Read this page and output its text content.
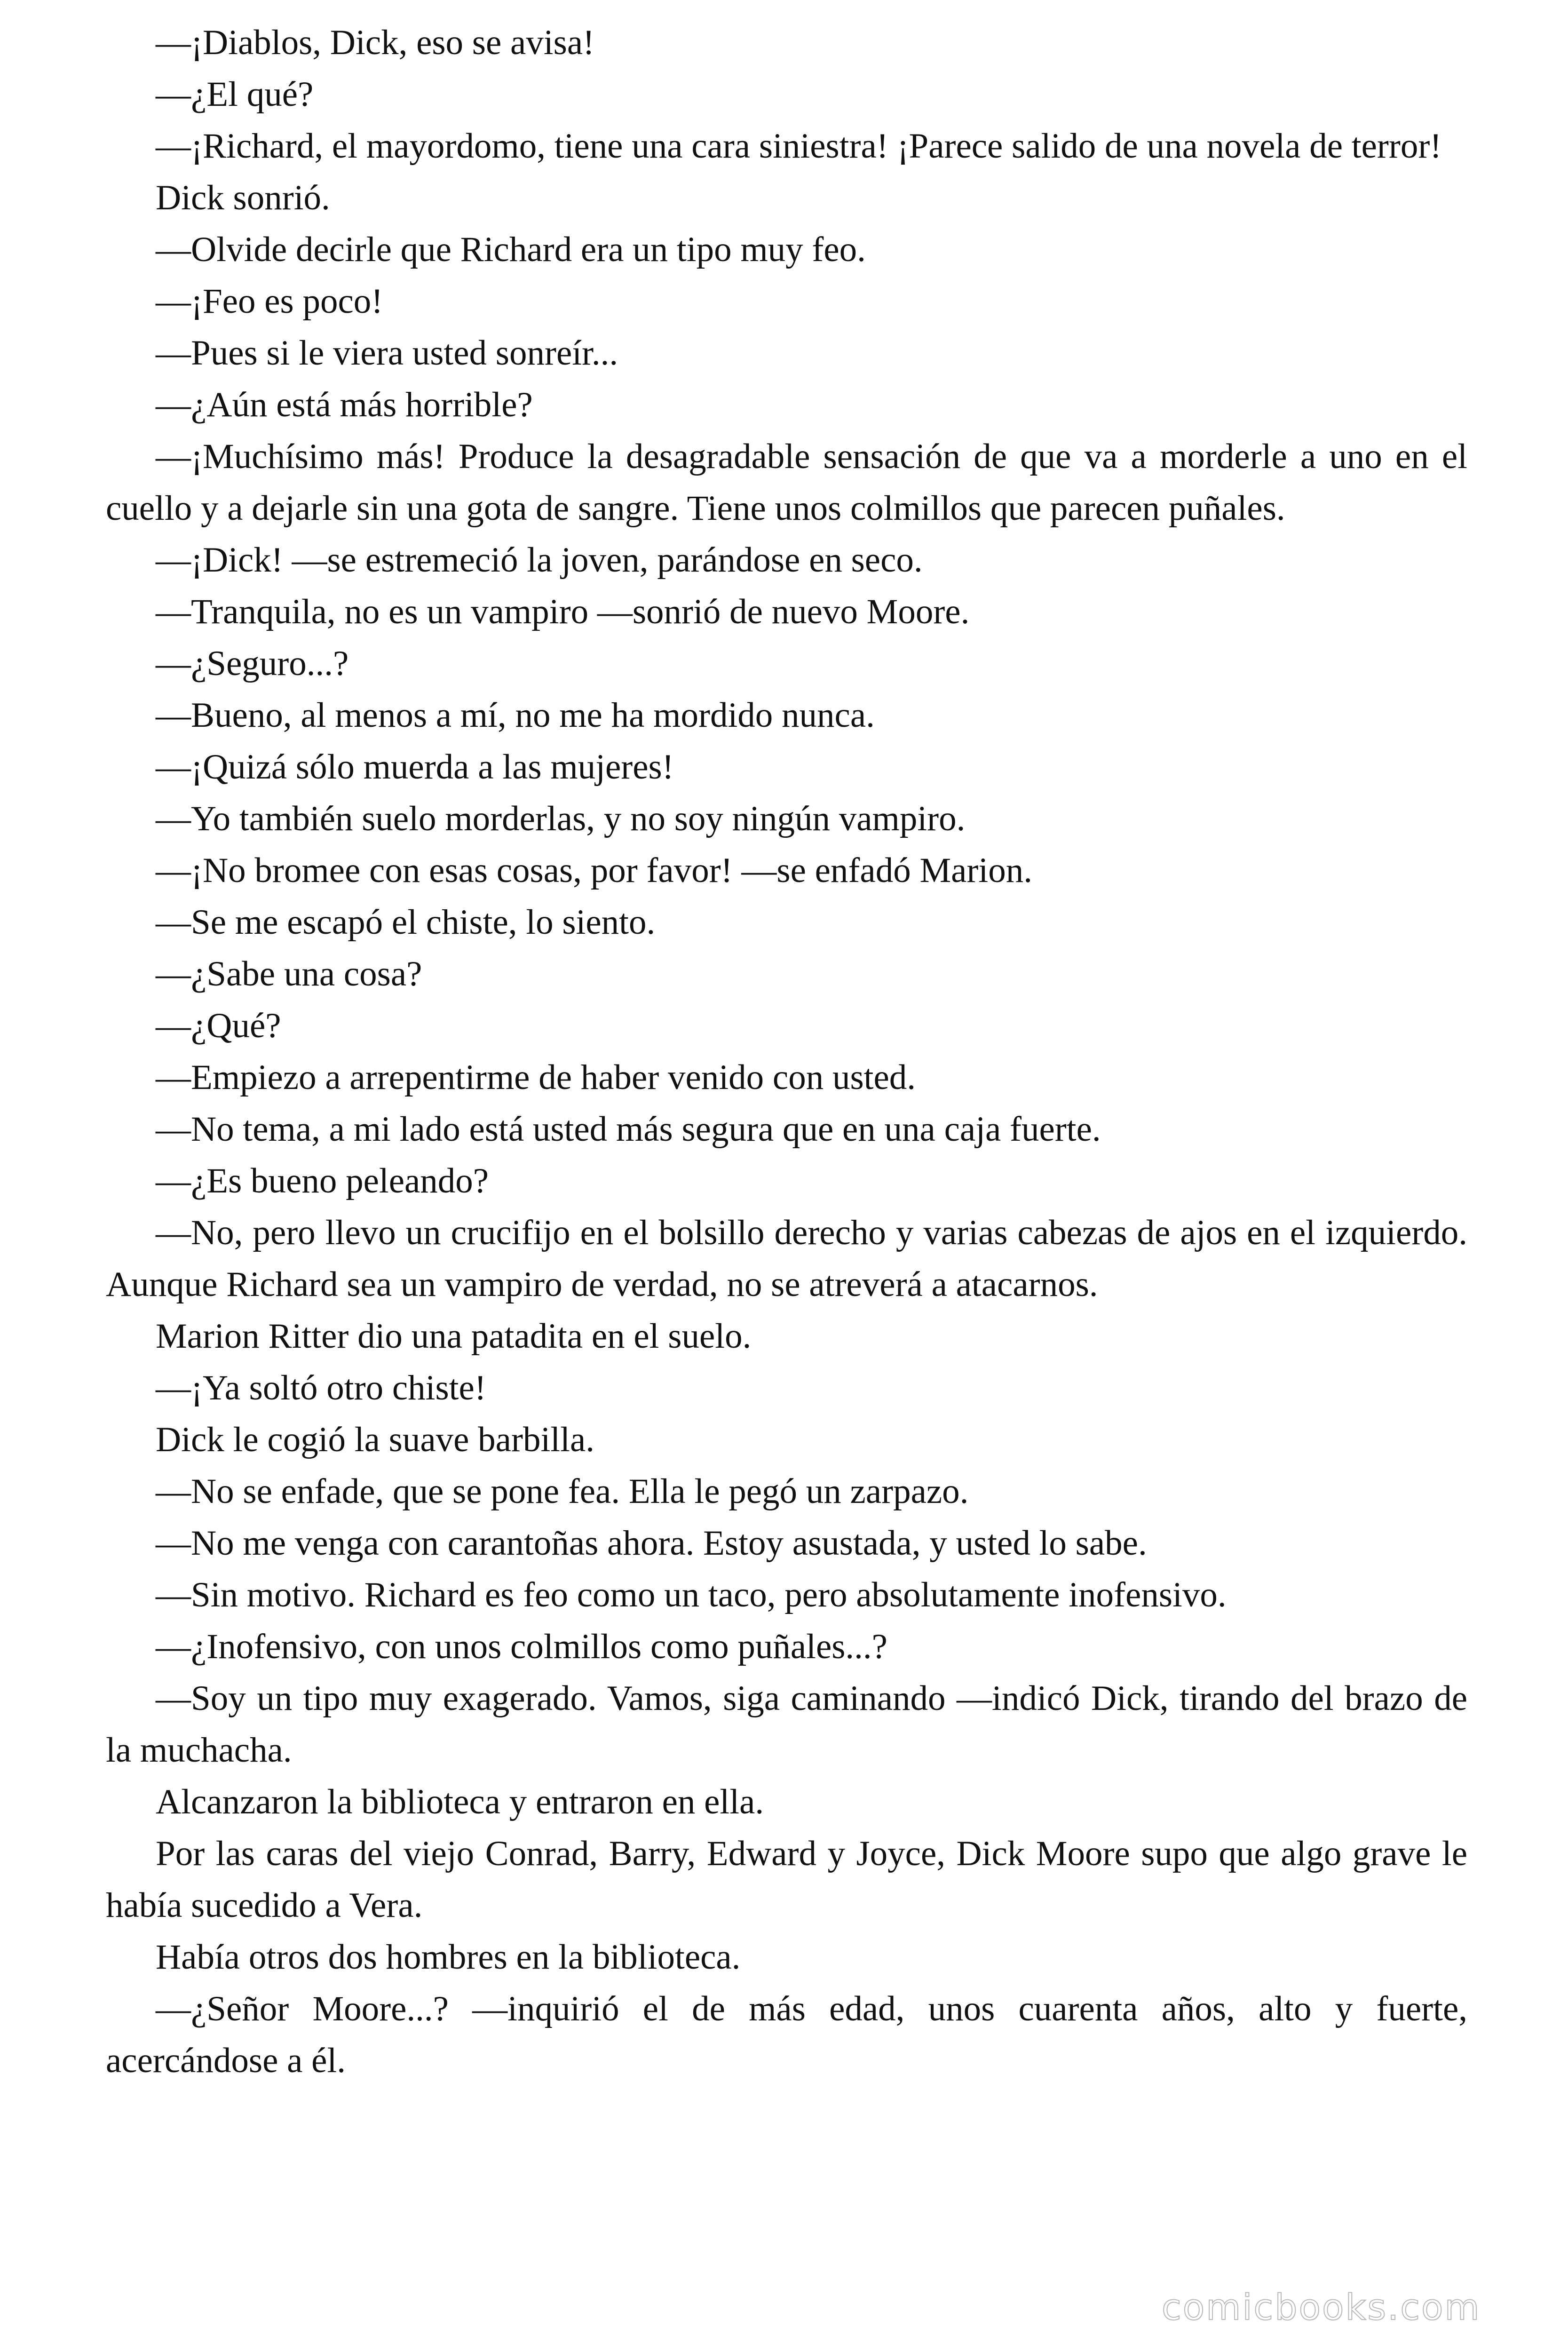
—¡Diablos, Dick, eso se avisa!

—¿El qué?

—¡Richard, el mayordomo, tiene una cara siniestra! ¡Parece salido de una novela de terror!

Dick sonrió.

—Olvide decirle que Richard era un tipo muy feo.

—¡Feo es poco!

—Pues si le viera usted sonreír...

—¿Aún está más horrible?

—¡Muchísimo más! Produce la desagradable sensación de que va a morderle a uno en el cuello y a dejarle sin una gota de sangre. Tiene unos colmillos que parecen puñales.

—¡Dick! —se estremeció la joven, parándose en seco.

—Tranquila, no es un vampiro —sonrió de nuevo Moore.

—¿Seguro...?

—Bueno, al menos a mí, no me ha mordido nunca.

—¡Quizá sólo muerda a las mujeres!

—Yo también suelo morderlas, y no soy ningún vampiro.

—¡No bromee con esas cosas, por favor! —se enfadó Marion.

—Se me escapó el chiste, lo siento.

—¿Sabe una cosa?

—¿Qué?

—Empiezo a arrepentirme de haber venido con usted.

—No tema, a mi lado está usted más segura que en una caja fuerte.

—¿Es bueno peleando?

—No, pero llevo un crucifijo en el bolsillo derecho y varias cabezas de ajos en el izquierdo. Aunque Richard sea un vampiro de verdad, no se atreverá a atacarnos.

Marion Ritter dio una patadita en el suelo.

—¡Ya soltó otro chiste!

Dick le cogió la suave barbilla.

—No se enfade, que se pone fea. Ella le pegó un zarpazo.

—No me venga con carantoñas ahora. Estoy asustada, y usted lo sabe.

—Sin motivo. Richard es feo como un taco, pero absolutamente inofensivo.

—¿Inofensivo, con unos colmillos como puñales...?

—Soy un tipo muy exagerado. Vamos, siga caminando —indicó Dick, tirando del brazo de la muchacha.

Alcanzaron la biblioteca y entraron en ella.

Por las caras del viejo Conrad, Barry, Edward y Joyce, Dick Moore supo que algo grave le había sucedido a Vera.

Había otros dos hombres en la biblioteca.

—¿Señor Moore...? —inquirió el de más edad, unos cuarenta años, alto y fuerte, acercándose a él.

comicbooks.com
